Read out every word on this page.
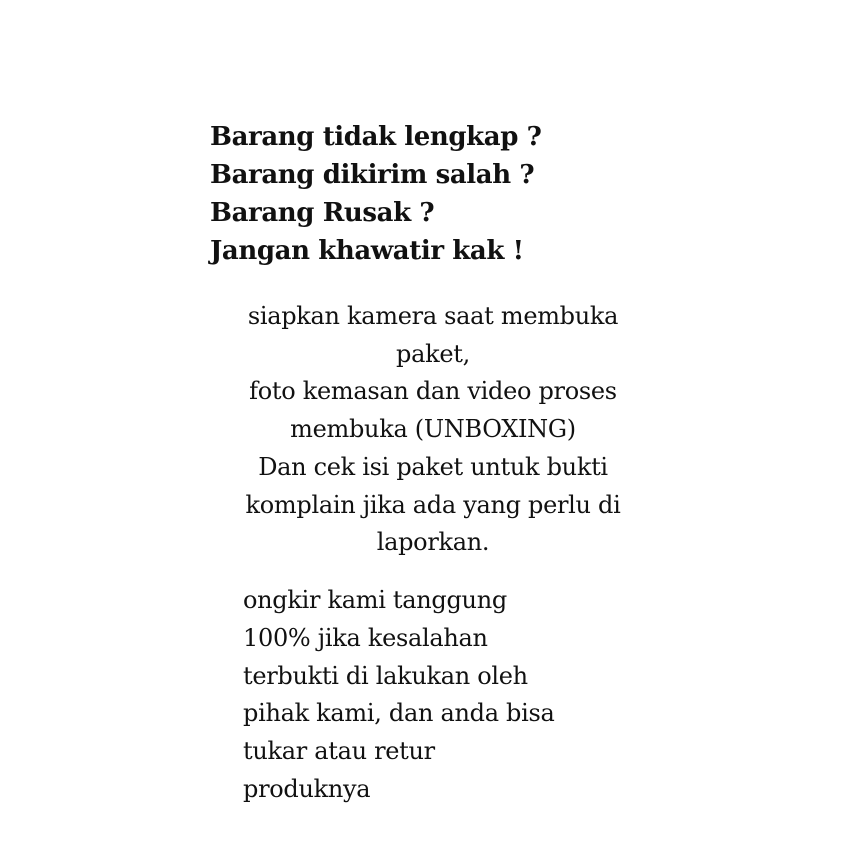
Barang tidak lengkap ?
Barang dikirim salah ?
Barang Rusak ?
Jangan khawatir kak !
siapkan kamera saat membuka
paket,
foto kemasan dan video proses
membuka (UNBOXING)
Dan cek isi paket untuk bukti
komplain jika ada yang perlu di
laporkan.
ongkir kami tanggung
100% jika kesalahan
terbukti di lakukan oleh
pihak kami, dan anda bisa
tukar atau retur
produknya
